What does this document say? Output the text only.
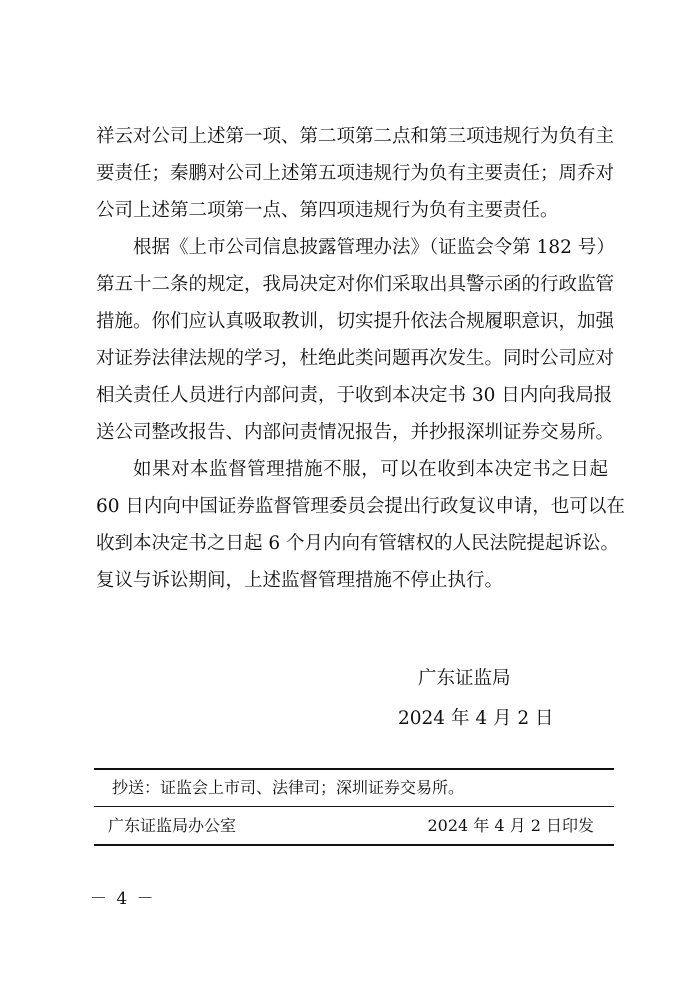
祥云对公司上述第一项、第二项第二点和第三项违规行为负有主
要责任；秦鹏对公司上述第五项违规行为负有主要责任；周乔对
公司上述第二项第一点、第四项违规行为负有主要责任。

根据《上市公司信息披露管理办法》（证监会令第 182 号）
第五十二条的规定，我局决定对你们采取出具警示函的行政监管
措施。你们应认真吸取教训，切实提升依法合规履职意识，加强
对证券法律法规的学习，杜绝此类问题再次发生。同时公司应对
相关责任人员进行内部问责，于收到本决定书 30 日内向我局报
送公司整改报告、内部问责情况报告，并抄报深圳证券交易所。

如果对本监督管理措施不服，可以在收到本决定书之日起
60 日内向中国证券监督管理委员会提出行政复议申请，也可以在
收到本决定书之日起 6 个月内向有管辖权的人民法院提起诉讼。
复议与诉讼期间，上述监督管理措施不停止执行。

广东证监局
2024 年 4 月 2 日
抄送：证监会上市司、法律司；深圳证券交易所。
广东证监局办公室	2024 年 4 月 2 日印发
－ 4 －
